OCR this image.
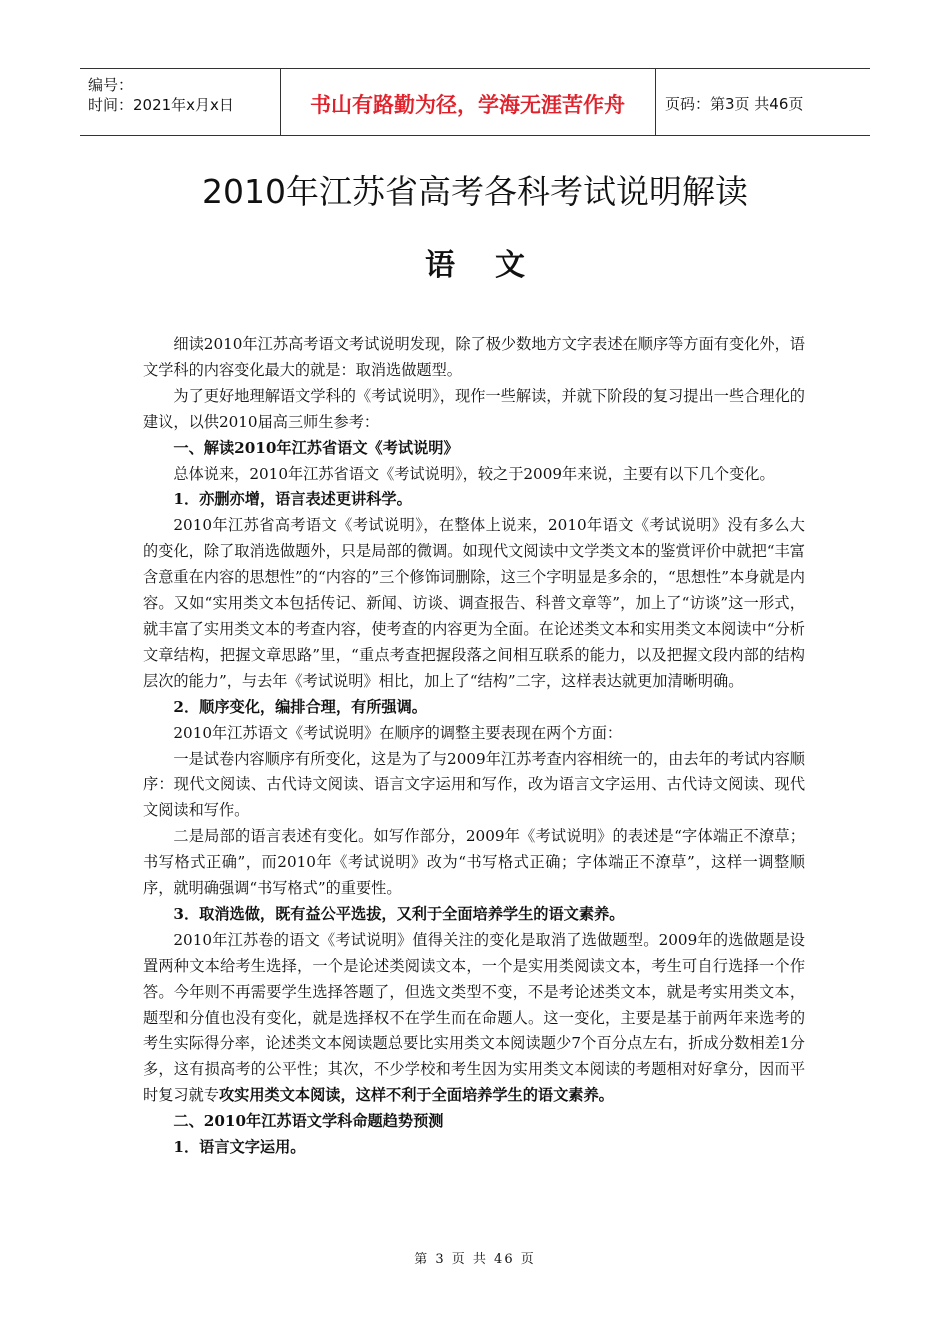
编号：
时间：2021年x月x日	书山有路勤为径，学海无涯苦作舟	页码：第3页 共46页
2010年江苏省高考各科考试说明解读
语文

细读2010年江苏高考语文考试说明发现，除了极少数地方文字表述在顺序等方面有变化外，语文学科的内容变化最大的就是：取消选做题型。

为了更好地理解语文学科的《考试说明》，现作一些解读，并就下阶段的复习提出一些合理化的建议，以供2010届高三师生参考：

一、解读2010年江苏省语文《考试说明》

总体说来，2010年江苏省语文《考试说明》，较之于2009年来说，主要有以下几个变化。

1．亦删亦增，语言表述更讲科学。

2010年江苏省高考语文《考试说明》，在整体上说来，2010年语文《考试说明》没有多么大的变化，除了取消选做题外，只是局部的微调。如现代文阅读中文学类文本的鉴赏评价中就把“丰富含意重在内容的思想性”的“内容的”三个修饰词删除，这三个字明显是多余的，“思想性”本身就是内容。又如“实用类文本包括传记、新闻、访谈、调查报告、科普文章等”，加上了“访谈”这一形式，就丰富了实用类文本的考查内容，使考查的内容更为全面。在论述类文本和实用类文本阅读中“分析文章结构，把握文章思路”里，“重点考查把握段落之间相互联系的能力，以及把握文段内部的结构层次的能力”，与去年《考试说明》相比，加上了“结构”二字，这样表达就更加清晰明确。

2．顺序变化，编排合理，有所强调。

2010年江苏语文《考试说明》在顺序的调整主要表现在两个方面：

一是试卷内容顺序有所变化，这是为了与2009年江苏考查内容相统一的，由去年的考试内容顺序：现代文阅读、古代诗文阅读、语言文字运用和写作，改为语言文字运用、古代诗文阅读、现代文阅读和写作。

二是局部的语言表述有变化。如写作部分，2009年《考试说明》的表述是“字体端正不潦草；书写格式正确”，而2010年《考试说明》改为“书写格式正确；字体端正不潦草”，这样一调整顺序，就明确强调“书写格式”的重要性。

3．取消选做，既有益公平选拔，又利于全面培养学生的语文素养。

2010年江苏卷的语文《考试说明》值得关注的变化是取消了选做题型。2009年的选做题是设置两种文本给考生选择，一个是论述类阅读文本，一个是实用类阅读文本，考生可自行选择一个作答。今年则不再需要学生选择答题了，但选文类型不变，不是考论述类文本，就是考实用类文本，题型和分值也没有变化，就是选择权不在学生而在命题人。这一变化，主要是基于前两年来选考的考生实际得分率，论述类文本阅读题总要比实用类文本阅读题少7个百分点左右，折成分数相差1分多，这有损高考的公平性；其次，不少学校和考生因为实用类文本阅读的考题相对好拿分，因而平时复习就专攻实用类文本阅读，这样不利于全面培养学生的语文素养。

二、2010年江苏语文学科命题趋势预测

1．语言文字运用。

第 3 页 共 46 页
